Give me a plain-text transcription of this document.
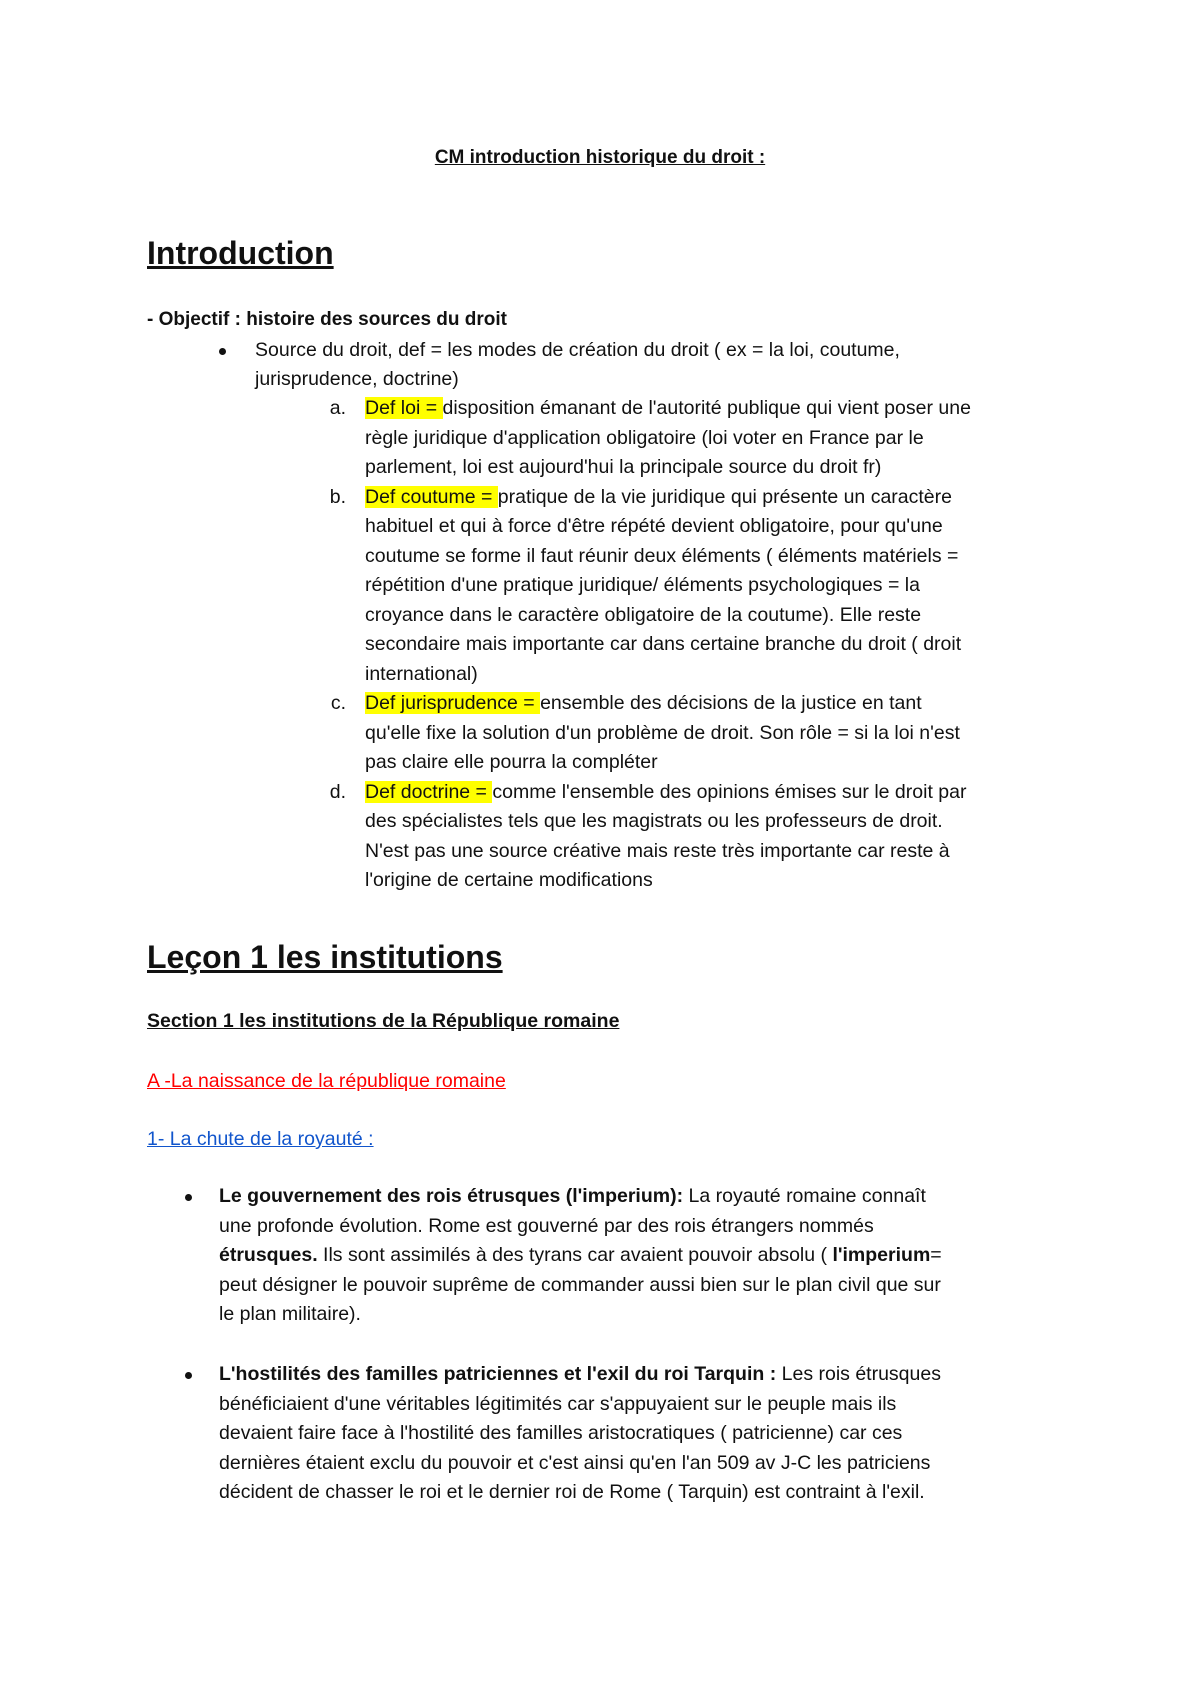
CM introduction historique du droit :
Introduction
- Objectif : histoire des sources du droit
Source du droit, def = les modes de création du droit ( ex = la loi, coutume,
jurisprudence, doctrine)
a. Def loi = disposition émanant de l'autorité publique qui vient poser une
règle juridique d'application obligatoire (loi voter en France par le
parlement, loi est aujourd'hui la principale source du droit fr)
b. Def coutume = pratique de la vie juridique qui présente un caractère
habituel et qui à force d'être répété devient obligatoire, pour qu'une
coutume se forme il faut réunir deux éléments ( éléments matériels =
répétition d'une pratique juridique/ éléments psychologiques = la
croyance dans le caractère obligatoire de la coutume). Elle reste
secondaire mais importante car dans certaine branche du droit ( droit
international)
c. Def jurisprudence = ensemble des décisions de la justice en tant
qu'elle fixe la solution d'un problème de droit. Son rôle = si la loi n'est
pas claire elle pourra la compléter
d. Def doctrine = comme l'ensemble des opinions émises sur le droit par
des spécialistes tels que les magistrats ou les professeurs de droit.
N'est pas une source créative mais reste très importante car reste à
l'origine de certaine modifications
Leçon 1 les institutions
Section 1 les institutions de la République romaine
A -La naissance de la république romaine
1- La chute de la royauté :
Le gouvernement des rois étrusques (l'imperium): La royauté romaine connaît
une profonde évolution. Rome est gouverné par des rois étrangers nommés
étrusques. Ils sont assimilés à des tyrans car avaient pouvoir absolu ( l'imperium=
peut désigner le pouvoir suprême de commander aussi bien sur le plan civil que sur
le plan militaire).
L'hostilités des familles patriciennes et l'exil du roi Tarquin : Les rois étrusques
bénéficiaient d'une véritables légitimités car s'appuyaient sur le peuple mais ils
devaient faire face à l'hostilité des familles aristocratiques ( patricienne) car ces
dernières étaient exclu du pouvoir et c'est ainsi qu'en l'an 509 av J-C les patriciens
décident de chasser le roi et le dernier roi de Rome ( Tarquin) est contraint à l'exil.
